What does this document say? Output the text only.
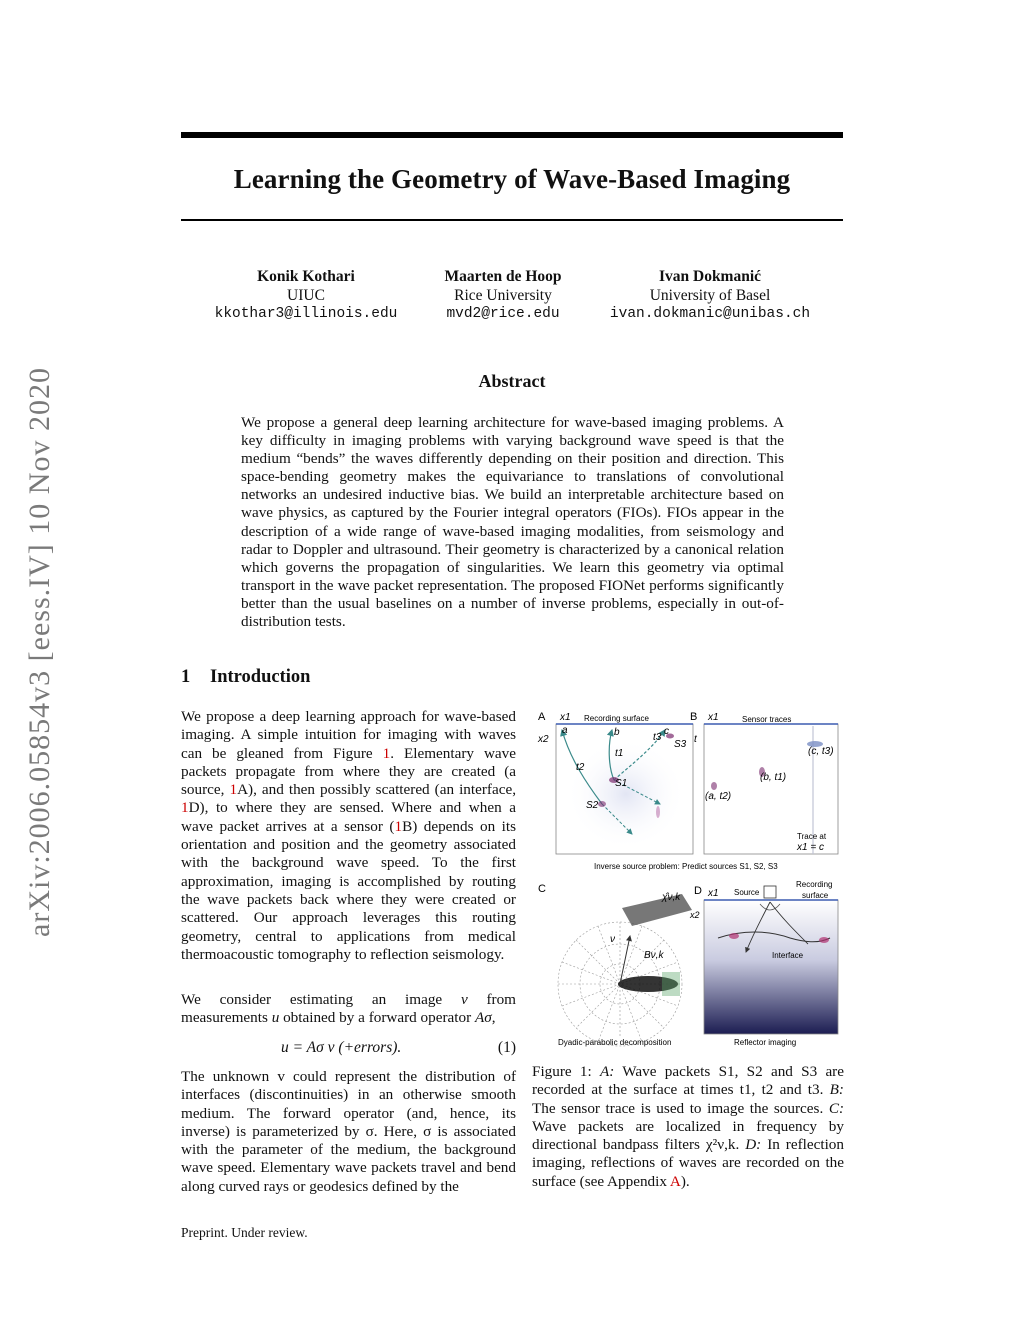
arXiv:2006.05854v3 [eess.IV] 10 Nov 2020
Learning the Geometry of Wave-Based Imaging
Konik Kothari
UIUC
kkothar3@illinois.edu
Maarten de Hoop
Rice University
mvd2@rice.edu
Ivan Dokmanić
University of Basel
ivan.dokmanic@unibas.ch
Abstract
We propose a general deep learning architecture for wave-based imaging problems. A key difficulty in imaging problems with varying background wave speed is that the medium “bends” the waves differently depending on their position and direction. This space-bending geometry makes the equivariance to translations of convolutional networks an undesired inductive bias. We build an interpretable architecture based on wave physics, as captured by the Fourier integral operators (FIOs). FIOs appear in the description of a wide range of wave-based imaging modalities, from seismology and radar to Doppler and ultrasound. Their geometry is characterized by a canonical relation which governs the propagation of singularities. We learn this geometry via optimal transport in the wave packet representation. The proposed FIONet performs significantly better than the usual baselines on a number of inverse problems, especially in out-of-distribution tests.
1 Introduction
We propose a deep learning approach for wave-based imaging. A simple intuition for imaging with waves can be gleaned from Figure 1. Elementary wave packets propagate from where they are created (a source, 1A), and then possibly scattered (an interface, 1D), to where they are sensed. Where and when a wave packet arrives at a sensor (1B) depends on its orientation and position and the geometry associated with the background wave speed. To the first approximation, imaging is accomplished by routing the wave packets back where they were created or scattered. Our approach leverages this routing geometry, central to applications from medical thermoacoustic tomography to reflection seismology.
We consider estimating an image v from measurements u obtained by a forward operator Aσ,
u = Aσ v (+errors).	(1)
The unknown v could represent the distribution of interfaces (discontinuities) in an otherwise smooth medium. The forward operator (and, hence, its inverse) is parameterized by σ. Here, σ is associated with the parameter of the medium, the background wave speed. Elementary wave packets travel and bend along curved rays or geodesics defined by the
A x1 Recording surface
x2
a	b	c
t1
t2
t3
S1
S2
S3
B x1	Sensor traces
t
(c, t3)
(b, t1)
(a, t2)
Trace at
x1 = c
Inverse source problem: Predict sources S1, S2, S3
C
χ̂ν,k
ν
Bν,k
Dyadic-parabolic decomposition
D x1
x2
Source
Recording
surface
Interface
Reflector imaging
Figure 1: A: Wave packets S1, S2 and S3 are recorded at the surface at times t1, t2 and t3. B: The sensor trace is used to image the sources. C: Wave packets are localized in frequency by directional bandpass filters χ²ν,k. D: In reflection imaging, reflections of waves are recorded on the surface (see Appendix A).
Preprint. Under review.
